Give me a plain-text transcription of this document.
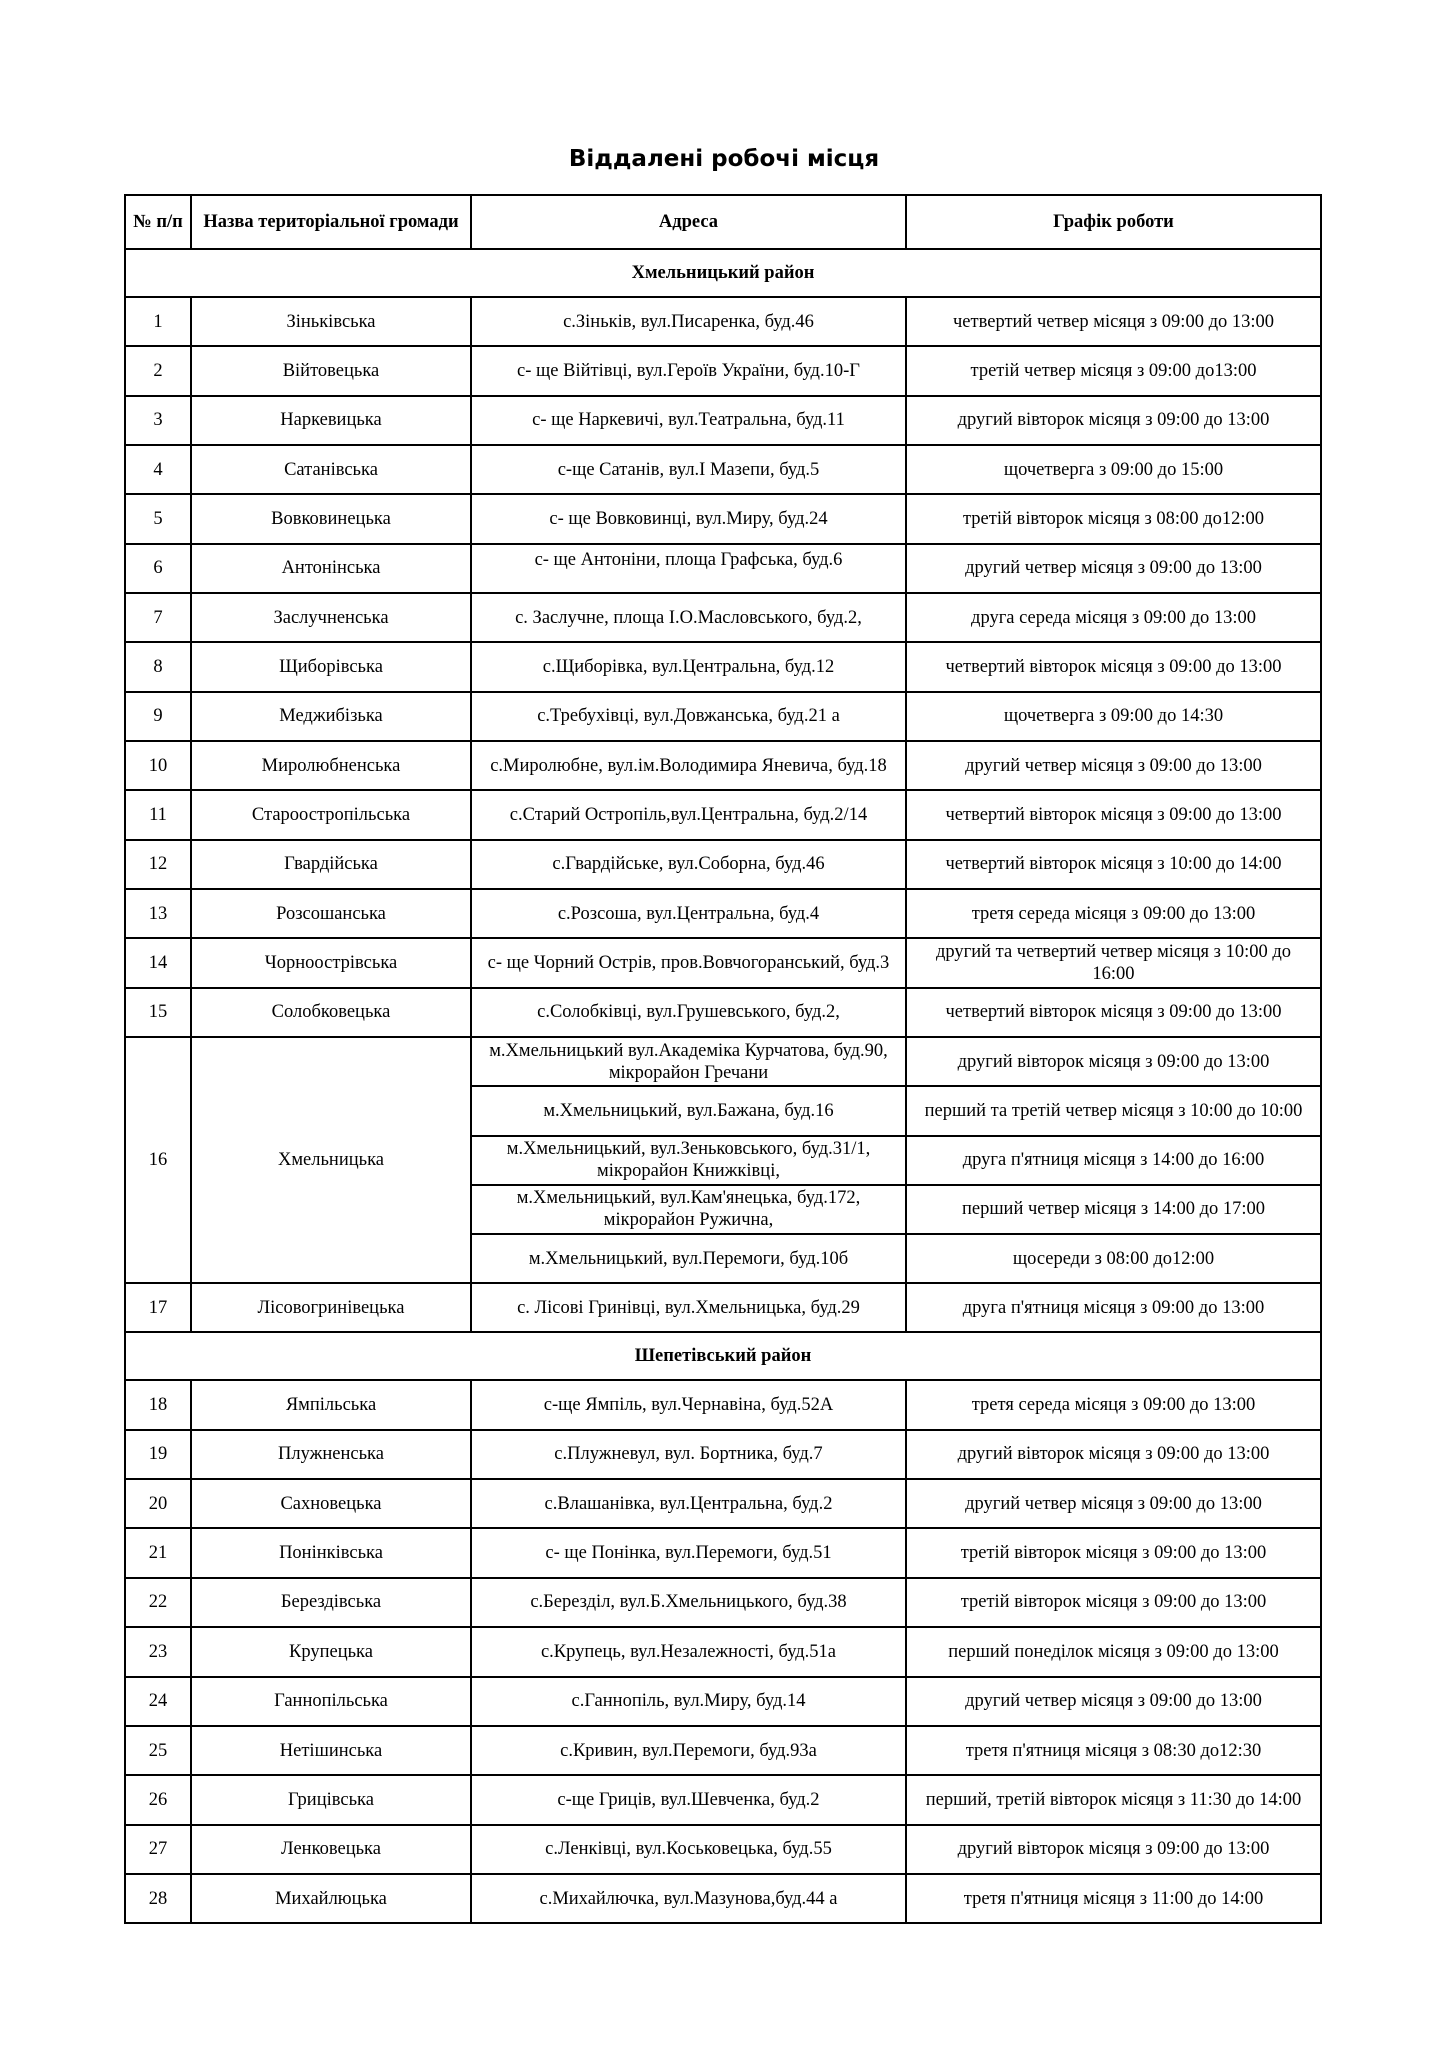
Віддалені робочі місця
№ п/п	Назва територіальної громади	Адреса	Графік роботи
Хмельницький район			
1	Зіньківська	с.Зіньків, вул.Писаренка, буд.46	четвертий четвер місяця з 09:00 до 13:00
2	Війтовецька	с- ще Війтівці, вул.Героїв України, буд.10-Г	третій четвер місяця з 09:00 до13:00
3	Наркевицька	с- ще Наркевичі, вул.Театральна, буд.11	другий вівторок місяця з 09:00 до 13:00
4	Сатанівська	с-ще Сатанів, вул.І Мазепи, буд.5	щочетверга з 09:00 до 15:00
5	Вовковинецька	с- ще Вовковинці, вул.Миру, буд.24	третій вівторок місяця з 08:00 до12:00
6	Антонінська	с- ще Антоніни, площа Графська, буд.6	другий четвер місяця з 09:00 до 13:00
7	Заслучненська	с. Заслучне, площа І.О.Масловського, буд.2,	друга середа місяця з 09:00 до 13:00
8	Щиборівська	с.Щиборівка, вул.Центральна, буд.12	четвертий вівторок місяця з 09:00 до 13:00
9	Меджибізька	с.Требухівці, вул.Довжанська, буд.21 а	щочетверга з 09:00 до 14:30
10	Миролюбненська	с.Миролюбне, вул.ім.Володимира Яневича, буд.18	другий четвер місяця з 09:00 до 13:00
11	Староостропільська	с.Старий Остропіль,вул.Центральна, буд.2/14	четвертий вівторок місяця з 09:00 до 13:00
12	Гвардійська	с.Гвардійське, вул.Соборна, буд.46	четвертий вівторок місяця з 10:00 до 14:00
13	Розсошанська	с.Розсоша, вул.Центральна, буд.4	третя середа місяця з 09:00 до 13:00
14	Чорноострівська	с- ще Чорний Острів, пров.Вовчогоранський, буд.3	другий та четвертий четвер місяця з 10:00 до 16:00
15	Солобковецька	с.Солобківці, вул.Грушевського, буд.2,	четвертий вівторок місяця з 09:00 до 13:00
16	Хмельницька	м.Хмельницький вул.Академіка Курчатова, буд.90, мікрорайон Гречани	другий вівторок місяця з 09:00 до 13:00
		м.Хмельницький, вул.Бажана, буд.16	перший та третій четвер місяця з 10:00 до 10:00
		м.Хмельницький, вул.Зеньковського, буд.31/1, мікрорайон Книжківці,	друга п'ятниця місяця з 14:00 до 16:00
		м.Хмельницький, вул.Кам'янецька, буд.172, мікрорайон Ружична,	перший четвер місяця з 14:00 до 17:00
		м.Хмельницький, вул.Перемоги, буд.10б	щосереди з 08:00 до12:00
17	Лісовогринівецька	с. Лісові Гринівці, вул.Хмельницька, буд.29	друга п'ятниця місяця з 09:00 до 13:00
Шепетівський район			
18	Ямпільська	с-ще Ямпіль, вул.Чернавіна, буд.52А	третя середа місяця з 09:00 до 13:00
19	Плужненська	с.Плужневул, вул. Бортника, буд.7	другий вівторок місяця з 09:00 до 13:00
20	Сахновецька	с.Влашанівка, вул.Центральна, буд.2	другий четвер місяця з 09:00 до 13:00
21	Понінківська	с- ще Понінка, вул.Перемоги, буд.51	третій вівторок місяця з 09:00 до 13:00
22	Берездівська	с.Березділ, вул.Б.Хмельницького, буд.38	третій вівторок місяця з 09:00 до 13:00
23	Крупецька	с.Крупець, вул.Незалежності, буд.51а	перший понеділок місяця з 09:00 до 13:00
24	Ганнопільська	с.Ганнопіль, вул.Миру, буд.14	другий четвер місяця з 09:00 до 13:00
25	Нетішинська	с.Кривин, вул.Перемоги, буд.93а	третя п'ятниця місяця з 08:30 до12:30
26	Грицівська	с-ще Гриців, вул.Шевченка, буд.2	перший, третій вівторок місяця з 11:30 до 14:00
27	Ленковецька	с.Ленківці, вул.Коськовецька, буд.55	другий вівторок місяця з 09:00 до 13:00
28	Михайлюцька	с.Михайлючка, вул.Мазунова,буд.44 а	третя п'ятниця місяця з 11:00 до 14:00
